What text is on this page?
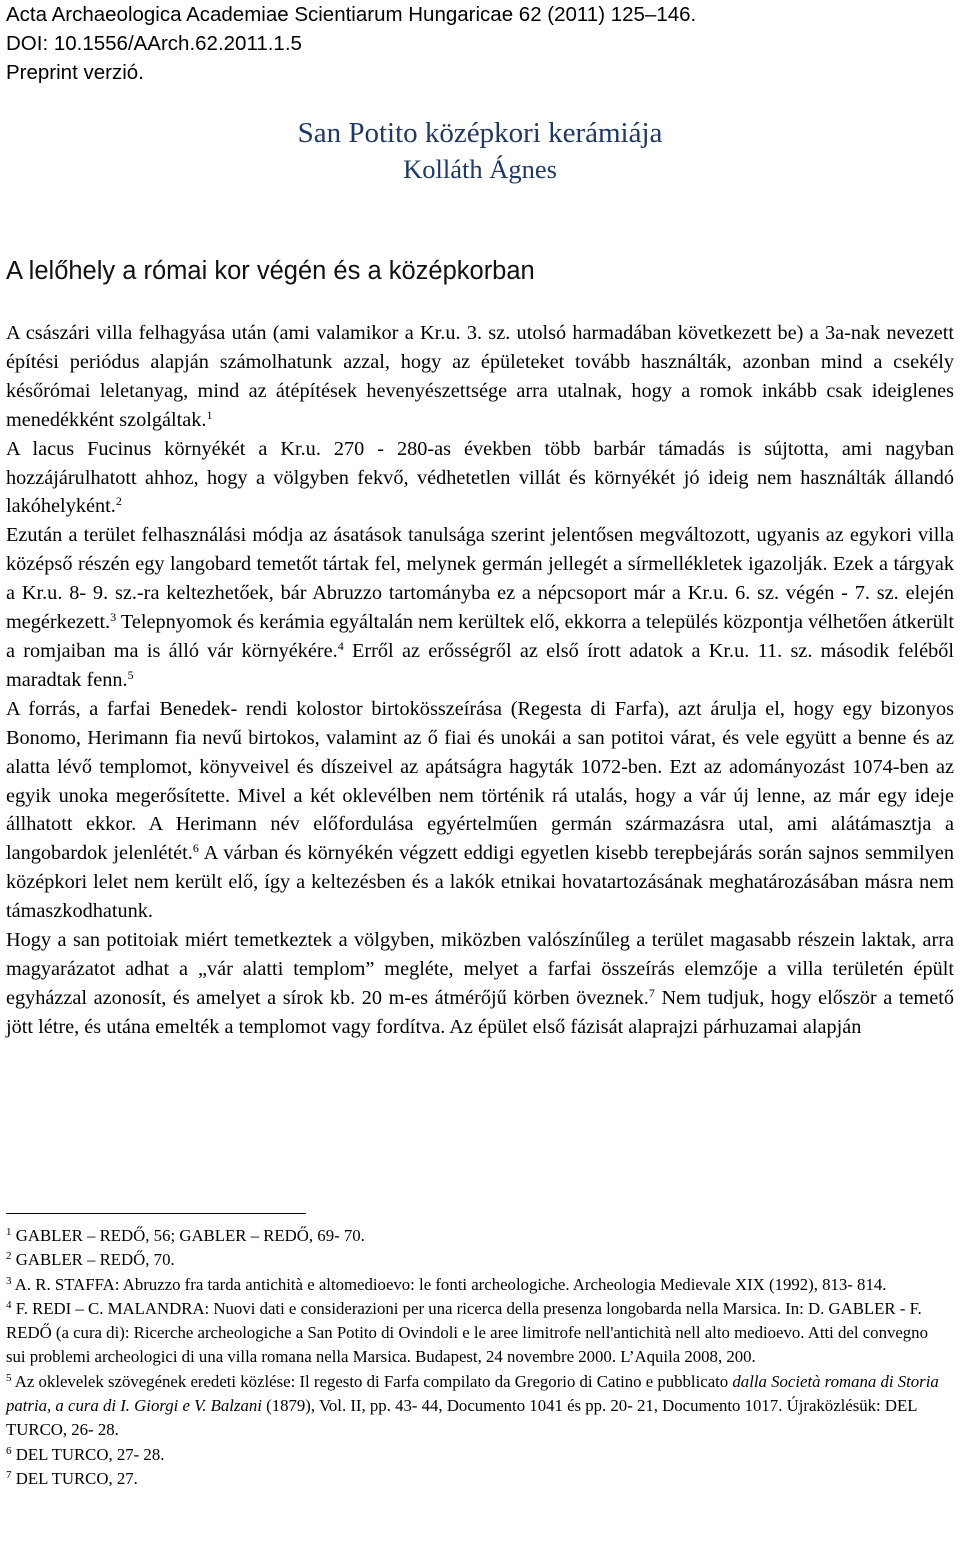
Acta Archaeologica Academiae Scientiarum Hungaricae 62 (2011) 125–146.
DOI: 10.1556/AArch.62.2011.1.5
Preprint verzió.
San Potito középkori kerámiája
Kolláth Ágnes
A lelőhely a római kor végén és a középkorban

A császári villa felhagyása után (ami valamikor a Kr.u. 3. sz. utolsó harmadában következett be) a 3a-nak nevezett építési periódus alapján számolhatunk azzal, hogy az épületeket tovább használták, azonban mind a csekély későrómai leletanyag, mind az átépítések hevenyészettsége arra utalnak, hogy a romok inkább csak ideiglenes menedékként szolgáltak.$^1$

A lacus Fucinus környékét a Kr.u. 270 - 280-as években több barbár támadás is sújtotta, ami nagyban hozzájárulhatott ahhoz, hogy a völgyben fekvő, védhetetlen villát és környékét jó ideig nem használták állandó lakóhelyként.$^2$

Ezután a terület felhasználási módja az ásatások tanulsága szerint jelentősen megváltozott, ugyanis az egykori villa középső részén egy langobard temetőt tártak fel, melynek germán jellegét a sírmellékletek igazolják. Ezek a tárgyak a Kr.u. 8- 9. sz.-ra keltezhetőek, bár Abruzzo tartományba ez a népcsoport már a Kr.u. 6. sz. végén - 7. sz. elején megérkezett.$^3$ Telepnyomok és kerámia egyáltalán nem kerültek elő, ekkorra a település központja vélhetően átkerült a romjaiban ma is álló vár környékére.$^4$ Erről az erősségről az első írott adatok a Kr.u. 11. sz. második feléből maradtak fenn.$^5$

A forrás, a farfai Benedek- rendi kolostor birtokösszeírása (Regesta di Farfa), azt árulja el, hogy egy bizonyos Bonomo, Herimann fia nevű birtokos, valamint az ő fiai és unokái a san potitoi várat, és vele együtt a benne és az alatta lévő templomot, könyveivel és díszeivel az apátságra hagyták 1072-ben. Ezt az adományozást 1074-ben az egyik unoka megerősítette. Mivel a két oklevélben nem történik rá utalás, hogy a vár új lenne, az már egy ideje állhatott ekkor. A Herimann név előfordulása egyértelműen germán származásra utal, ami alátámasztja a langobardok jelenlétét.$^6$ A várban és környékén végzett eddigi egyetlen kisebb terepbejárás során sajnos semmilyen középkori lelet nem került elő, így a keltezésben és a lakók etnikai hovatartozásának meghatározásában másra nem támaszkodhatunk.

Hogy a san potitoiak miért temetkeztek a völgyben, miközben valószínűleg a terület magasabb részein laktak, arra magyarázatot adhat a „vár alatti templom” megléte, melyet a farfai összeírás elemzője a villa területén épült egyházzal azonosít, és amelyet a sírok kb. 20 m-es átmérőjű körben öveznek.$^7$ Nem tudjuk, hogy először a temető jött létre, és utána emelték a templomot vagy fordítva. Az épület első fázisát alaprajzi párhuzamai alapján

$^1$ GABLER – REDŐ, 56; GABLER – REDŐ, 69- 70.

$^2$ GABLER – REDŐ, 70.

$^3$ A. R. STAFFA: Abruzzo fra tarda antichità e altomedioevo: le fonti archeologiche. Archeologia Medievale XIX (1992), 813- 814.

$^4$ F. REDI – C. MALANDRA: Nuovi dati e considerazioni per una ricerca della presenza longobarda nella Marsica. In: D. GABLER - F. REDŐ (a cura di): Ricerche archeologiche a San Potito di Ovindoli e le aree limitrofe nell'antichità nell alto medioevo. Atti del convegno sui problemi archeologici di una villa romana nella Marsica. Budapest, 24 novembre 2000. L’Aquila 2008, 200.

$^5$ Az oklevelek szövegének eredeti közlése: Il regesto di Farfa compilato da Gregorio di Catino e pubblicato dalla Società romana di Storia patria, a cura di I. Giorgi e V. Balzani (1879), Vol. II, pp. 43- 44, Documento 1041 és pp. 20- 21, Documento 1017. Újraközlésük: DEL TURCO, 26- 28.

$^6$ DEL TURCO, 27- 28.

$^7$ DEL TURCO, 27.
